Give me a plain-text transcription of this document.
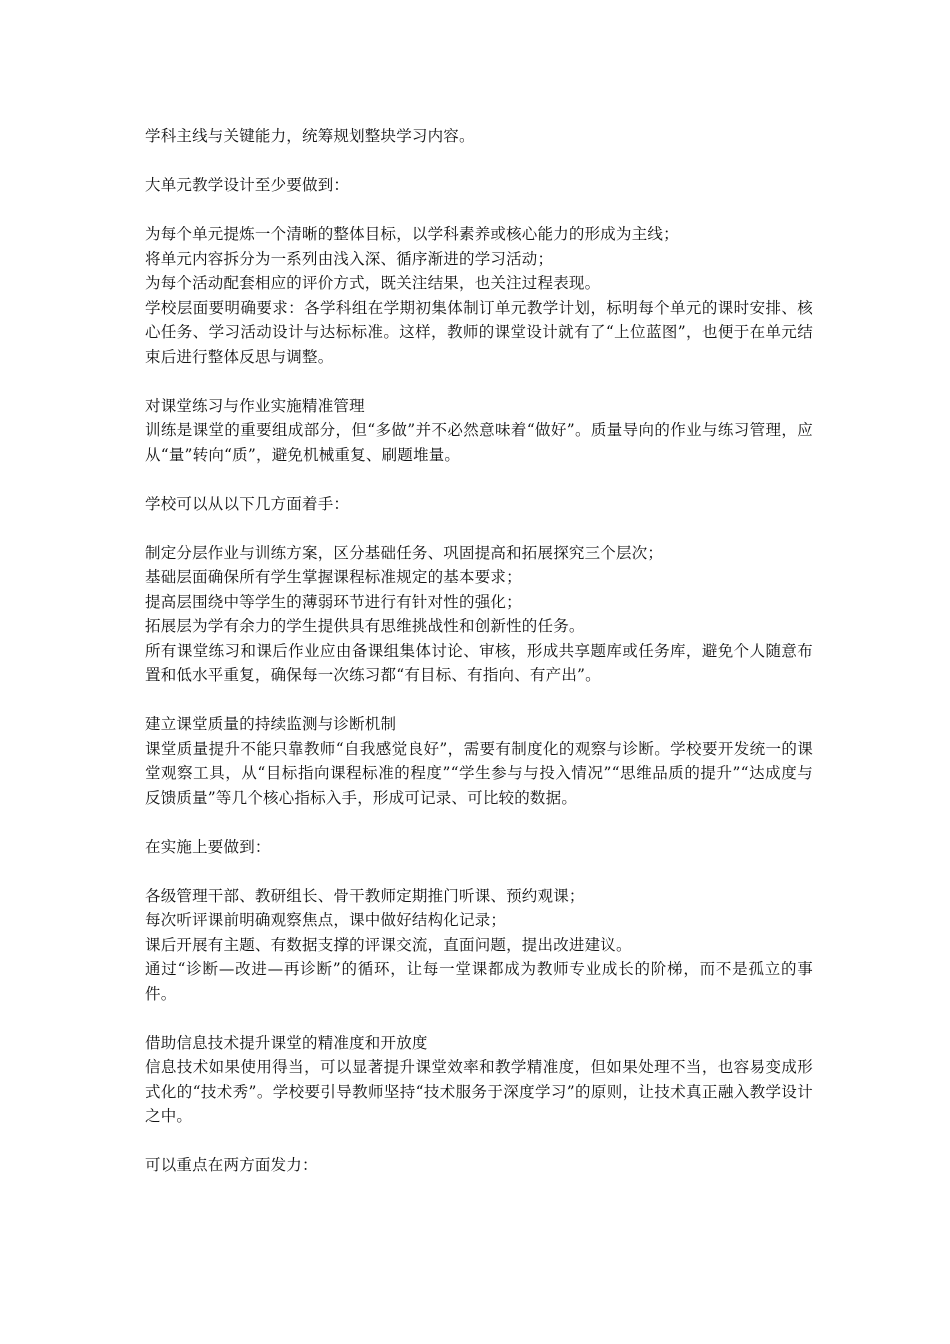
学科主线与关键能力，统筹规划整块学习内容。

大单元教学设计至少要做到：

为每个单元提炼一个清晰的整体目标，以学科素养或核心能力的形成为主线；

将单元内容拆分为一系列由浅入深、循序渐进的学习活动；

为每个活动配套相应的评价方式，既关注结果，也关注过程表现。

学校层面要明确要求：各学科组在学期初集体制订单元教学计划，标明每个单元的课时安排、核心任务、学习活动设计与达标标准。这样，教师的课堂设计就有了“上位蓝图”，也便于在单元结束后进行整体反思与调整。

对课堂练习与作业实施精准管理

训练是课堂的重要组成部分，但“多做”并不必然意味着“做好”。质量导向的作业与练习管理，应从“量”转向“质”，避免机械重复、刷题堆量。

学校可以从以下几方面着手：

制定分层作业与训练方案，区分基础任务、巩固提高和拓展探究三个层次；

基础层面确保所有学生掌握课程标准规定的基本要求；

提高层围绕中等学生的薄弱环节进行有针对性的强化；

拓展层为学有余力的学生提供具有思维挑战性和创新性的任务。

所有课堂练习和课后作业应由备课组集体讨论、审核，形成共享题库或任务库，避免个人随意布置和低水平重复，确保每一次练习都“有目标、有指向、有产出”。

建立课堂质量的持续监测与诊断机制

课堂质量提升不能只靠教师“自我感觉良好”，需要有制度化的观察与诊断。学校要开发统一的课堂观察工具，从“目标指向课程标准的程度”“学生参与与投入情况”“思维品质的提升”“达成度与反馈质量”等几个核心指标入手，形成可记录、可比较的数据。

在实施上要做到：

各级管理干部、教研组长、骨干教师定期推门听课、预约观课；

每次听评课前明确观察焦点，课中做好结构化记录；

课后开展有主题、有数据支撑的评课交流，直面问题，提出改进建议。

通过“诊断—改进—再诊断”的循环，让每一堂课都成为教师专业成长的阶梯，而不是孤立的事件。

借助信息技术提升课堂的精准度和开放度

信息技术如果使用得当，可以显著提升课堂效率和教学精准度，但如果处理不当，也容易变成形式化的“技术秀”。学校要引导教师坚持“技术服务于深度学习”的原则，让技术真正融入教学设计之中。

可以重点在两方面发力：
